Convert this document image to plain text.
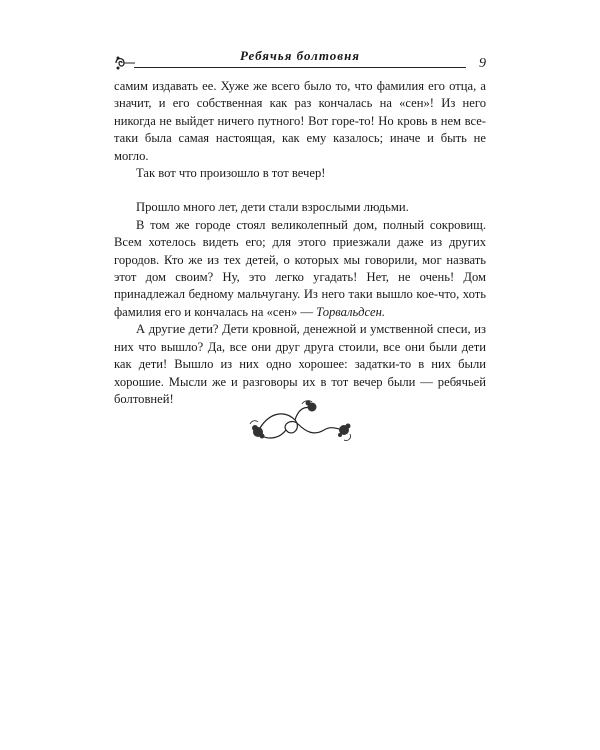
Ребячья болтовня
9

самим издавать ее. Хуже же всего было то, что фамилия его отца, а значит, и его собственная как раз кончалась на «сен»! Из него никогда не выйдет ничего путного! Вот горе-то! Но кровь в нем все-таки была самая настоящая, как ему казалось; иначе и быть не могло.

Так вот что произошло в тот вечер!

Прошло много лет, дети стали взрослыми людьми.

В том же городе стоял великолепный дом, полный сокровищ. Всем хотелось видеть его; для этого приезжали даже из других городов. Кто же из тех детей, о которых мы говорили, мог назвать этот дом своим? Ну, это легко угадать! Нет, не очень! Дом принадлежал бедному мальчугану. Из него таки вышло кое-что, хоть фамилия его и кончалась на «сен» — Торвальдсен.

А другие дети? Дети кровной, денежной и умственной спеси, из них что вышло? Да, все они друг друга стоили, все они были дети как дети! Вышло из них одно хорошее: задатки-то в них были хорошие. Мысли же и разговоры их в тот вечер были — ребячьей болтовней!
